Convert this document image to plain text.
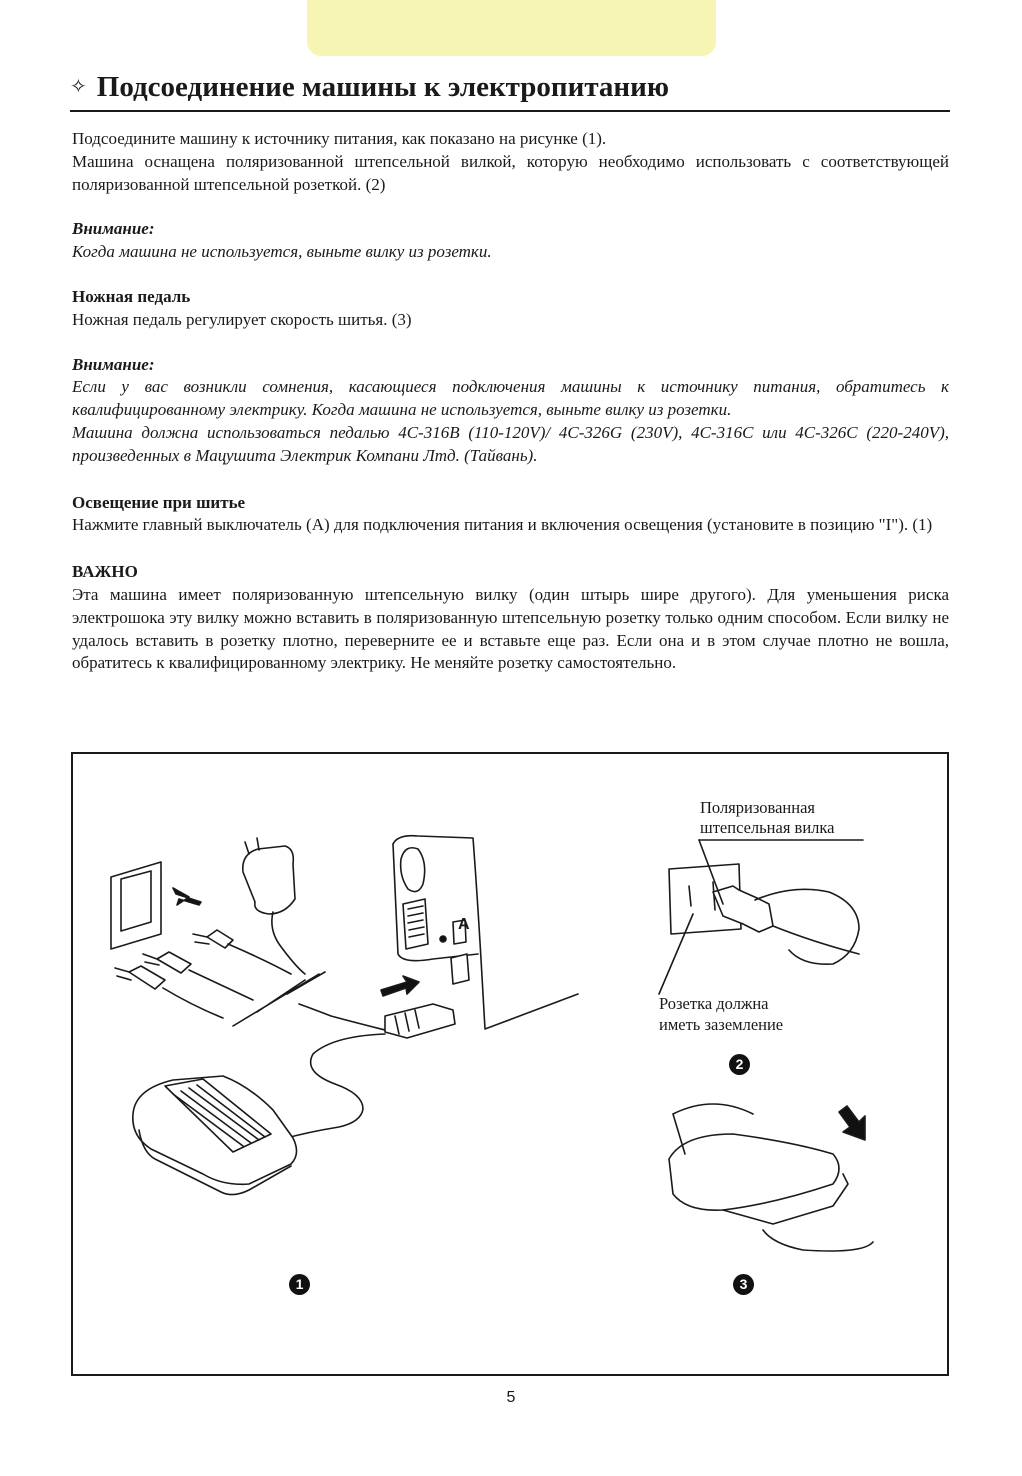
✧ Подсоединение машины к электропитанию

Подсоедините машину к источнику питания, как показано на рисунке (1).

Машина оснащена поляризованной штепсельной вилкой, которую необходимо использовать с соответствующей поляризованной штепсельной розеткой. (2)

Внимание:

Когда машина не используется, выньте вилку из розетки.

Ножная педаль

Ножная педаль регулирует скорость шитья. (3)

Внимание:

Если у вас возникли сомнения, касающиеся подключения машины к источнику питания, обратитесь к квалифицированному электрику. Когда машина не используется, выньте вилку из розетки.

Машина должна использоваться педалью 4C-316B (110-120V)/ 4C-326G (230V), 4C-316C или 4C-326C (220-240V), произведенных в Мацушита Электрик Компани Лтд. (Тайвань).

Освещение при шитье

Нажмите главный выключатель (A) для подключения питания и включения освещения (установите в позицию "I"). (1)

ВАЖНО

Эта машина имеет поляризованную штепсельную вилку (один штырь шире другого). Для уменьшения риска электрошока эту вилку можно вставить в поляризованную штепсельную розетку только одним способом. Если вилку не удалось вставить в розетку плотно, переверните ее и вставьте еще раз. Если она и в этом случае плотно не вошла, обратитесь к квалифицированному электрику. Не меняйте розетку самостоятельно.

A
Поляризованная
штепсельная вилка
Розетка должна
иметь заземление
2
1	3
5
